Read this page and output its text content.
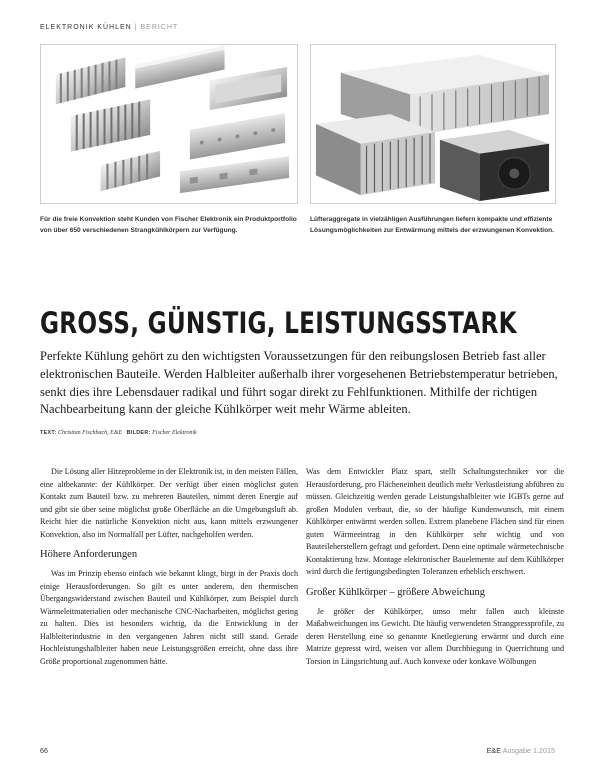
ELEKTRONIK KÜHLEN | BERICHT
Für die freie Konvektion steht Kunden von Fischer Elektronik ein Produktportfolio von über 650 verschiedenen Strangkühlkörpern zur Verfügung.
Lüfteraggregate in vielzähligen Ausführungen liefern kompakte und effiziente Lösungsmöglichkeiten zur Entwärmung mittels der erzwungenen Konvektion.
GROSS, GÜNSTIG, LEISTUNGSSTARK

Perfekte Kühlung gehört zu den wichtigsten Voraussetzungen für den reibungslosen Betrieb fast aller elektronischen Bauteile. Werden Halbleiter außerhalb ihrer vorgesehenen Betriebstemperatur betrieben, senkt dies ihre Lebensdauer radikal und führt sogar direkt zu Fehlfunktionen. Mithilfe der richtigen Nachbearbeitung kann der gleiche Kühlkörper weit mehr Wärme ableiten.

TEXT: Christian Fischbach, E&E BILDER: Fischer Elektronik

Die Lösung aller Hitzeprobleme in der Elektronik ist, in den meisten Fällen, eine altbekannte: der Kühlkörper. Der verfügt über einen möglichst guten Kontakt zum Bauteil bzw. zu mehreren Bauteilen, nimmt deren Energie auf und gibt sie über seine möglichst große Oberfläche an die Umgebungsluft ab. Reicht hier die natürliche Konvektion nicht aus, kann mittels erzwungener Konvektion, also im Normalfall per Lüfter, nachgeholfen werden.

Höhere Anforderungen

Was im Prinzip ebenso einfach wie bekannt klingt, birgt in der Praxis doch einige Herausforderungen. So gilt es unter anderem, den thermischen Übergangswiderstand zwischen Bauteil und Kühlkörper, zum Beispiel durch Wärmeleitmaterialien oder mechanische CNC-Nacharbeiten, möglichst gering zu halten. Dies ist besonders wichtig, da die Entwicklung in der Halbleiterindustrie in den vergangenen Jahren nicht still stand. Gerade Hochleistungshalbleiter haben neue Leistungsgrößen erreicht, ohne dass ihre Größe proportional zugenommen hätte.

Was dem Entwickler Platz spart, stellt Schaltungstechniker vor die Herausforderung, pro Flächeneinheit deutlich mehr Verlustleistung abführen zu müssen. Gleichzeitig werden gerade Leistungshalbleiter wie IGBTs gerne auf großen Modulen verbaut, die, so der häufige Kundenwunsch, mit einem Kühlkörper entwärmt werden sollen. Extrem planebene Flächen sind für einen guten Wärmeeintrag in den Kühlkörper sehr wichtig und von Bauteileherstellern gefragt und gefordert. Denn eine optimale wärmetechnische Kontaktierung bzw. Montage elektronischer Bauelemente auf dem Kühlkörper wird durch die fertigungsbedingten Toleranzen erheblich erschwert.

Großer Kühlkörper – größere Abweichung

Je größer der Kühlkörper, umso mehr fallen auch kleinste Maßabweichungen ins Gewicht. Die häufig verwendeten Strangpressprofile, zu deren Herstellung eine so genannte Knetlegierung erwärmt und durch eine Matrize gepresst wird, weisen vor allem Durchbiegung in Querrichtung und Torsion in Längsrichtung auf. Auch konvexe oder konkave Wölbungen

66	E&E Ausgabe 1.2015
